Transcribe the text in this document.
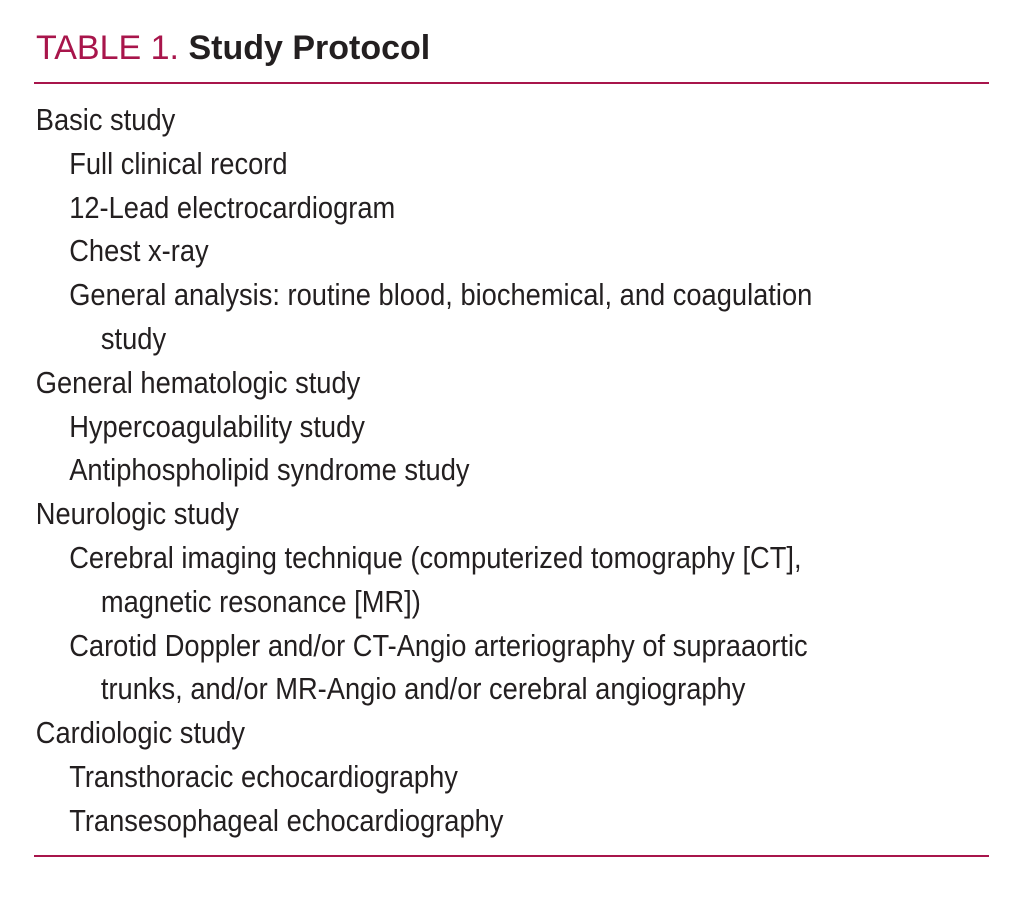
TABLE 1. Study Protocol
Basic study
Full clinical record
12-Lead electrocardiogram
Chest x-ray
General analysis: routine blood, biochemical, and coagulation
study
General hematologic study
Hypercoagulability study
Antiphospholipid syndrome study
Neurologic study
Cerebral imaging technique (computerized tomography [CT],
magnetic resonance [MR])
Carotid Doppler and/or CT-Angio arteriography of supraaortic
trunks, and/or MR-Angio and/or cerebral angiography
Cardiologic study
Transthoracic echocardiography
Transesophageal echocardiography
